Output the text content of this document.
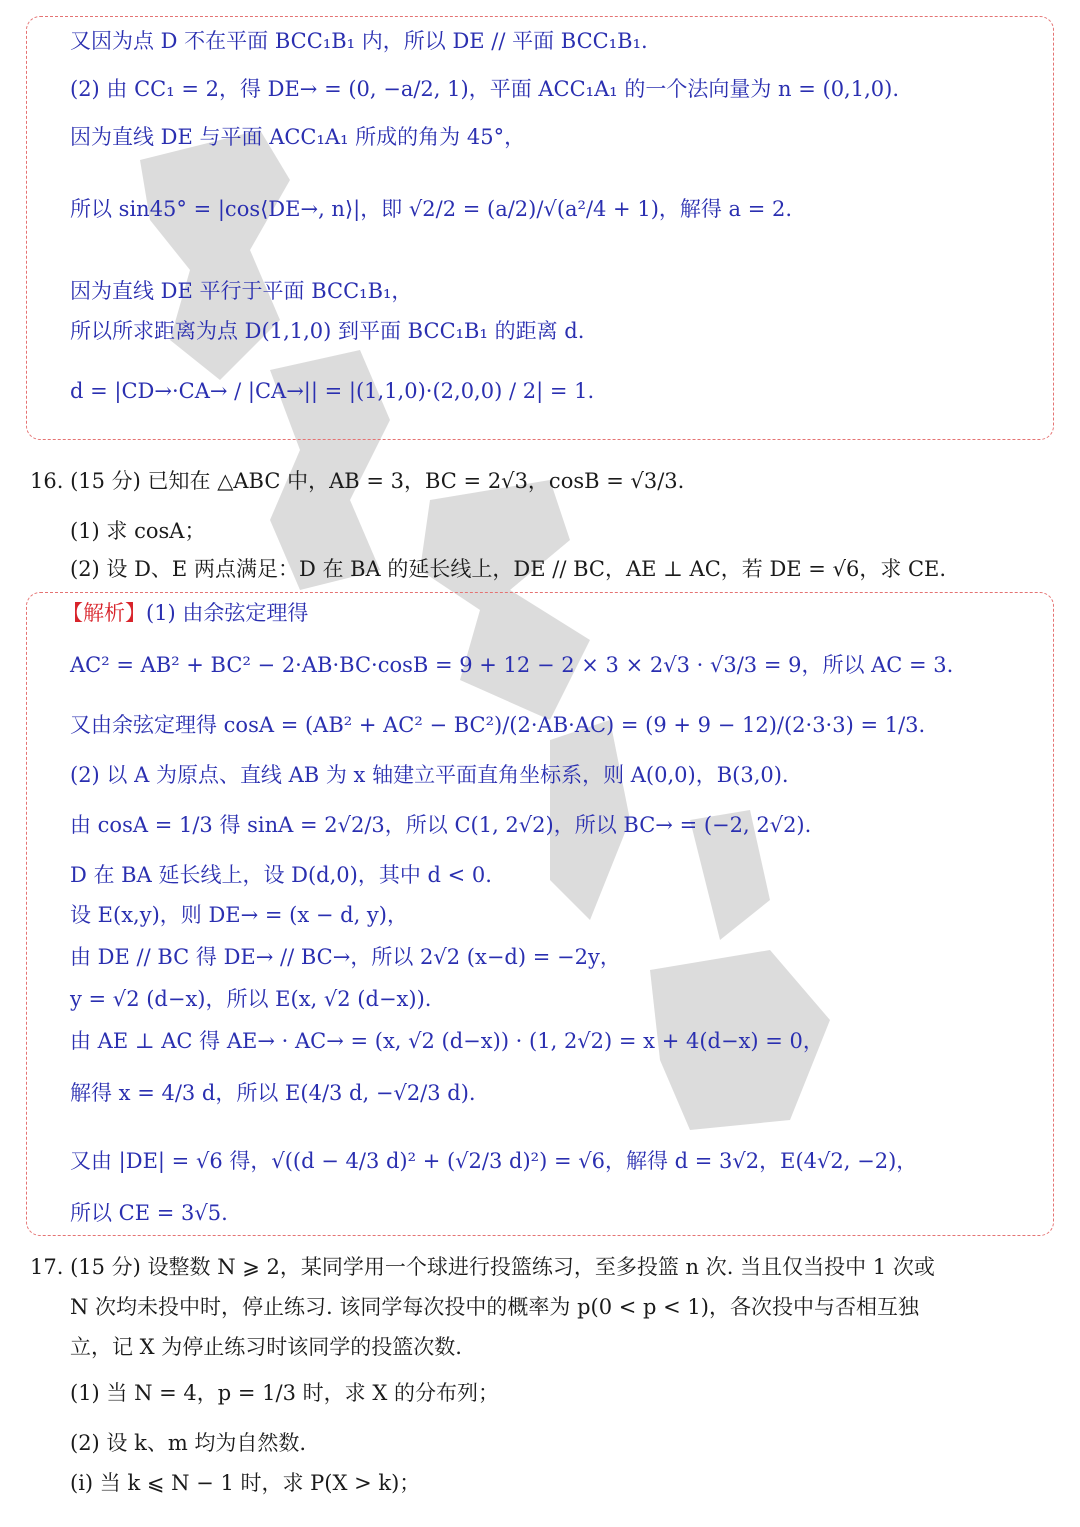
又因为点 D 不在平面 BCC₁B₁ 内，所以 DE // 平面 BCC₁B₁.
(2) 由 CC₁ = 2，得 DE→ = (0, −a/2, 1)，平面 ACC₁A₁ 的一个法向量为 n = (0,1,0).
因为直线 DE 与平面 ACC₁A₁ 所成的角为 45°，
所以 sin45° = |cos⟨DE→, n⟩|，即 √2/2 = (a/2)/√(a²/4 + 1)，解得 a = 2.
因为直线 DE 平行于平面 BCC₁B₁，
所以所求距离为点 D(1,1,0) 到平面 BCC₁B₁ 的距离 d.
d = |CD→·CA→ / |CA→|| = |(1,1,0)·(2,0,0) / 2| = 1.
16. (15 分) 已知在 △ABC 中，AB = 3，BC = 2√3，cosB = √3/3.
(1) 求 cosA；
(2) 设 D、E 两点满足：D 在 BA 的延长线上，DE // BC，AE ⊥ AC，若 DE = √6，求 CE.
【解析】(1) 由余弦定理得
AC² = AB² + BC² − 2·AB·BC·cosB = 9 + 12 − 2 × 3 × 2√3 · √3/3 = 9，所以 AC = 3.
又由余弦定理得 cosA = (AB² + AC² − BC²)/(2·AB·AC) = (9 + 9 − 12)/(2·3·3) = 1/3.
(2) 以 A 为原点、直线 AB 为 x 轴建立平面直角坐标系，则 A(0,0)，B(3,0).
由 cosA = 1/3 得 sinA = 2√2/3，所以 C(1, 2√2)，所以 BC→ = (−2, 2√2).
D 在 BA 延长线上，设 D(d,0)，其中 d < 0.
设 E(x,y)，则 DE→ = (x − d, y)，
由 DE // BC 得 DE→ // BC→，所以 2√2 (x−d) = −2y，
y = √2 (d−x)，所以 E(x, √2 (d−x)).
由 AE ⊥ AC 得 AE→ · AC→ = (x, √2 (d−x)) · (1, 2√2) = x + 4(d−x) = 0，
解得 x = 4/3 d，所以 E(4/3 d, −√2/3 d).
又由 |DE| = √6 得，√((d − 4/3 d)² + (√2/3 d)²) = √6，解得 d = 3√2，E(4√2, −2)，
所以 CE = 3√5.
17. (15 分) 设整数 N ⩾ 2，某同学用一个球进行投篮练习，至多投篮 n 次. 当且仅当投中 1 次或
N 次均未投中时，停止练习. 该同学每次投中的概率为 p(0 < p < 1)，各次投中与否相互独
立，记 X 为停止练习时该同学的投篮次数.
(1) 当 N = 4，p = 1/3 时，求 X 的分布列；
(2) 设 k、m 均为自然数.
(i) 当 k ⩽ N − 1 时，求 P(X > k)；
